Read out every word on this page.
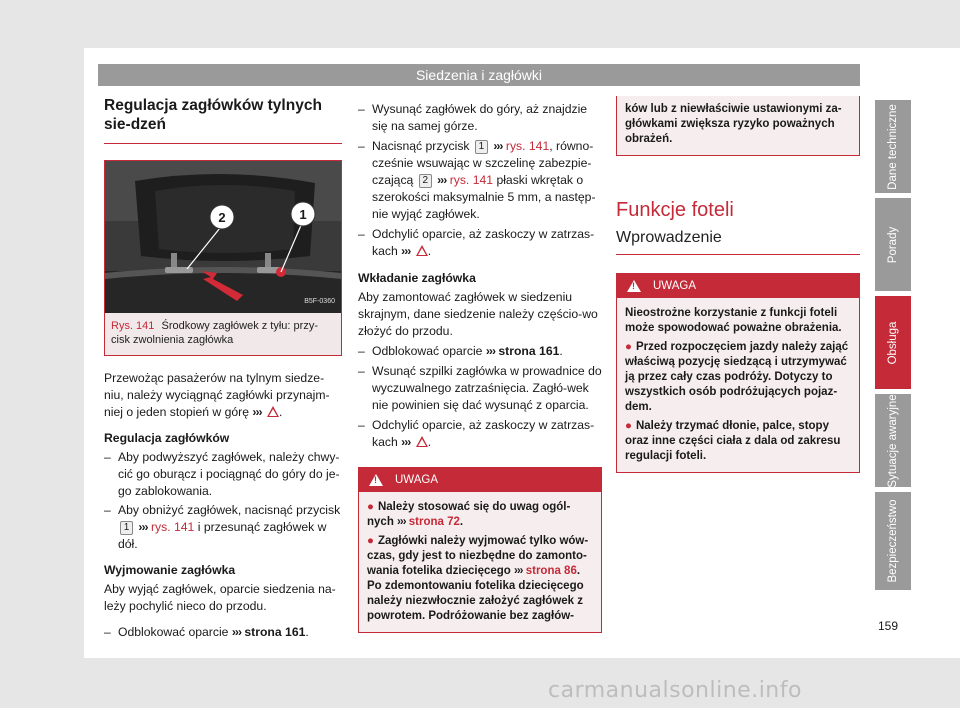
Siedzenia i zagłówki
Regulacja zagłówków tylnych sie-dzeń
1
2
B5F-0360
Rys. 141 Środkowy zagłówek z tyłu: przy-cisk zwolnienia zagłówka

Przewożąc pasażerów na tylnym siedze-niu, należy wyciągnąć zagłówki przynajm-niej o jeden stopień w górę ››› .

Regulacja zagłówków
– Aby podwyższyć zagłówek, należy chwy-cić go oburącz i pociągnąć do góry do je-go zablokowania.
– Aby obniżyć zagłówek, nacisnąć przycisk 1 ››› rys. 141 i przesunąć zagłówek w dół.
Wyjmowanie zagłówka

Aby wyjąć zagłówek, oparcie siedzenia na-leży pochylić nieco do przodu.

– Odblokować oparcie ››› strona 161.
– Wysunąć zagłówek do góry, aż znajdzie się na samej górze.
– Nacisnąć przycisk 1 ››› rys. 141, równo-cześnie wsuwając w szczelinę zabezpie-czającą 2 ››› rys. 141 płaski wkrętak o szerokości maksymalnie 5 mm, a następ-nie wyjąć zagłówek.
– Odchylić oparcie, aż zaskoczy w zatrzas-kach ››› .
Wkładanie zagłówka

Aby zamontować zagłówek w siedzeniu skrajnym, dane siedzenie należy częścio-wo złożyć do przodu.

– Odblokować oparcie ››› strona 161.
– Wsunąć szpilki zagłówka w prowadnice do wyczuwalnego zatrzaśnięcia. Zagłó-wek nie powinien się dać wysunąć z oparcia.
– Odchylić oparcie, aż zaskoczy w zatrzas-kach ››› .
!
UWAGA
● Należy stosować się do uwag ogól-nych ››› strona 72.
● Zagłówki należy wyjmować tylko wów-czas, gdy jest to niezbędne do zamonto-wania fotelika dziecięcego ››› strona 86. Po zdemontowaniu fotelika dziecięcego należy niezwłocznie założyć zagłówek z powrotem. Podróżowanie bez zagłów-
ków lub z niewłaściwie ustawionymi za-główkami zwiększa ryzyko poważnych obrażeń.
Funkcje foteli
Wprowadzenie
!
UWAGA
Nieostrożne korzystanie z funkcji foteli może spowodować poważne obrażenia.
● Przed rozpoczęciem jazdy należy zająć właściwą pozycję siedzącą i utrzymywać ją przez cały czas podróży. Dotyczy to wszystkich osób podróżujących pojaz-dem.
● Należy trzymać dłonie, palce, stopy oraz inne części ciała z dala od zakresu regulacji foteli.
Dane techniczne
Porady
Obsługa
Sytuacje awaryjne
Bezpieczeństwo
159
carmanualsonline.info
